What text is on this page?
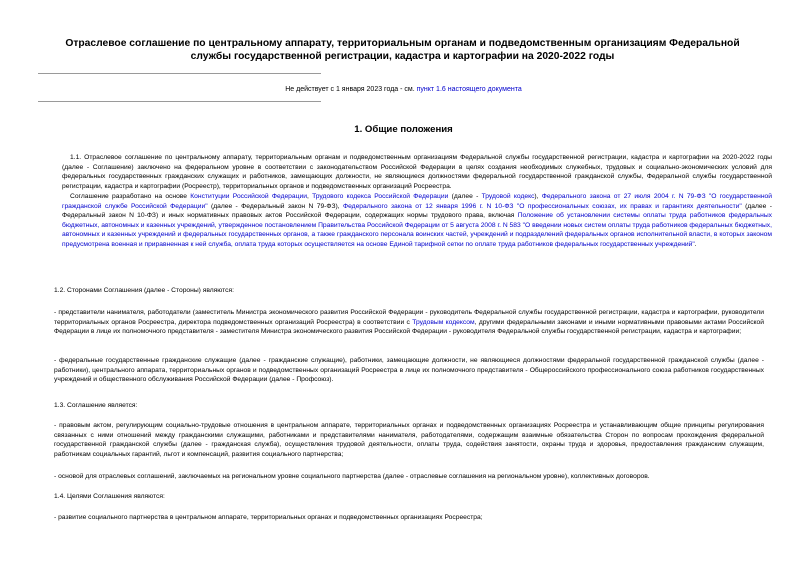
Отраслевое соглашение по центральному аппарату, территориальным органам и подведомственным организациям Федеральной службы государственной регистрации, кадастра и картографии на 2020-2022 годы
Не действует с 1 января 2023 года - см. пункт 1.6 настоящего документа
1. Общие положения

1.1. Отраслевое соглашение по центральному аппарату, территориальным органам и подведомственным организациям Федеральной службы государственной регистрации, кадастра и картографии на 2020-2022 годы (далее - Соглашение) заключено на федеральном уровне в соответствии с законодательством Российской Федерации в целях создания необходимых служебных, трудовых и социально-экономических условий для федеральных государственных гражданских служащих и работников, замещающих должности, не являющиеся должностями федеральной государственной гражданской службы, Федеральной службы государственной регистрации, кадастра и картографии (Росреестр), территориальных органов и подведомственных организаций Росреестра.

Соглашение разработано на основе Конституции Российской Федерации, Трудового кодекса Российской Федерации (далее - Трудовой кодекс), Федерального закона от 27 июля 2004 г. N 79-ФЗ "О государственной гражданской службе Российской Федерации" (далее - Федеральный закон N 79-ФЗ), Федерального закона от 12 января 1996 г. N 10-ФЗ "О профессиональных союзах, их правах и гарантиях деятельности" (далее - Федеральный закон N 10-ФЗ) и иных нормативных правовых актов Российской Федерации, содержащих нормы трудового права, включая Положение об установлении системы оплаты труда работников федеральных бюджетных, автономных и казенных учреждений, утвержденное постановлением Правительства Российской Федерации от 5 августа 2008 г. N 583 "О введении новых систем оплаты труда работников федеральных бюджетных, автономных и казенных учреждений и федеральных государственных органов, а также гражданского персонала воинских частей, учреждений и подразделений федеральных органов исполнительной власти, в которых законом предусмотрена военная и приравненная к ней служба, оплата труда которых осуществляется на основе Единой тарифной сетки по оплате труда работников федеральных государственных учреждений".

1.2. Сторонами Соглашения (далее - Стороны) являются:

- представители нанимателя, работодатели (заместитель Министра экономического развития Российской Федерации - руководитель Федеральной службы государственной регистрации, кадастра и картографии, руководители территориальных органов Росреестра, директора подведомственных организаций Росреестра) в соответствии с Трудовым кодексом, другими федеральными законами и иными нормативными правовыми актами Российской Федерации в лице их полномочного представителя - заместителя Министра экономического развития Российской Федерации - руководителя Федеральной службы государственной регистрации, кадастра и картографии;

- федеральные государственные гражданские служащие (далее - гражданские служащие), работники, замещающие должности, не являющиеся должностями федеральной государственной гражданской службы (далее - работники), центрального аппарата, территориальных органов и подведомственных организаций Росреестра в лице их полномочного представителя - Общероссийского профессионального союза работников государственных учреждений и общественного обслуживания Российской Федерации (далее - Профсоюз).

1.3. Соглашение является:

- правовым актом, регулирующим социально-трудовые отношения в центральном аппарате, территориальных органах и подведомственных организациях Росреестра и устанавливающим общие принципы регулирования связанных с ними отношений между гражданскими служащими, работниками и представителями нанимателя, работодателями, содержащим взаимные обязательства Сторон по вопросам прохождения федеральной государственной гражданской службы (далее - гражданская служба), осуществления трудовой деятельности, оплаты труда, содействия занятости, охраны труда и здоровья, предоставления гражданским служащим, работникам социальных гарантий, льгот и компенсаций, развития социального партнерства;

- основой для отраслевых соглашений, заключаемых на региональном уровне социального партнерства (далее - отраслевые соглашения на региональном уровне), коллективных договоров.

1.4. Целями Соглашения являются:

- развитие социального партнерства в центральном аппарате, территориальных органах и подведомственных организациях Росреестра;
